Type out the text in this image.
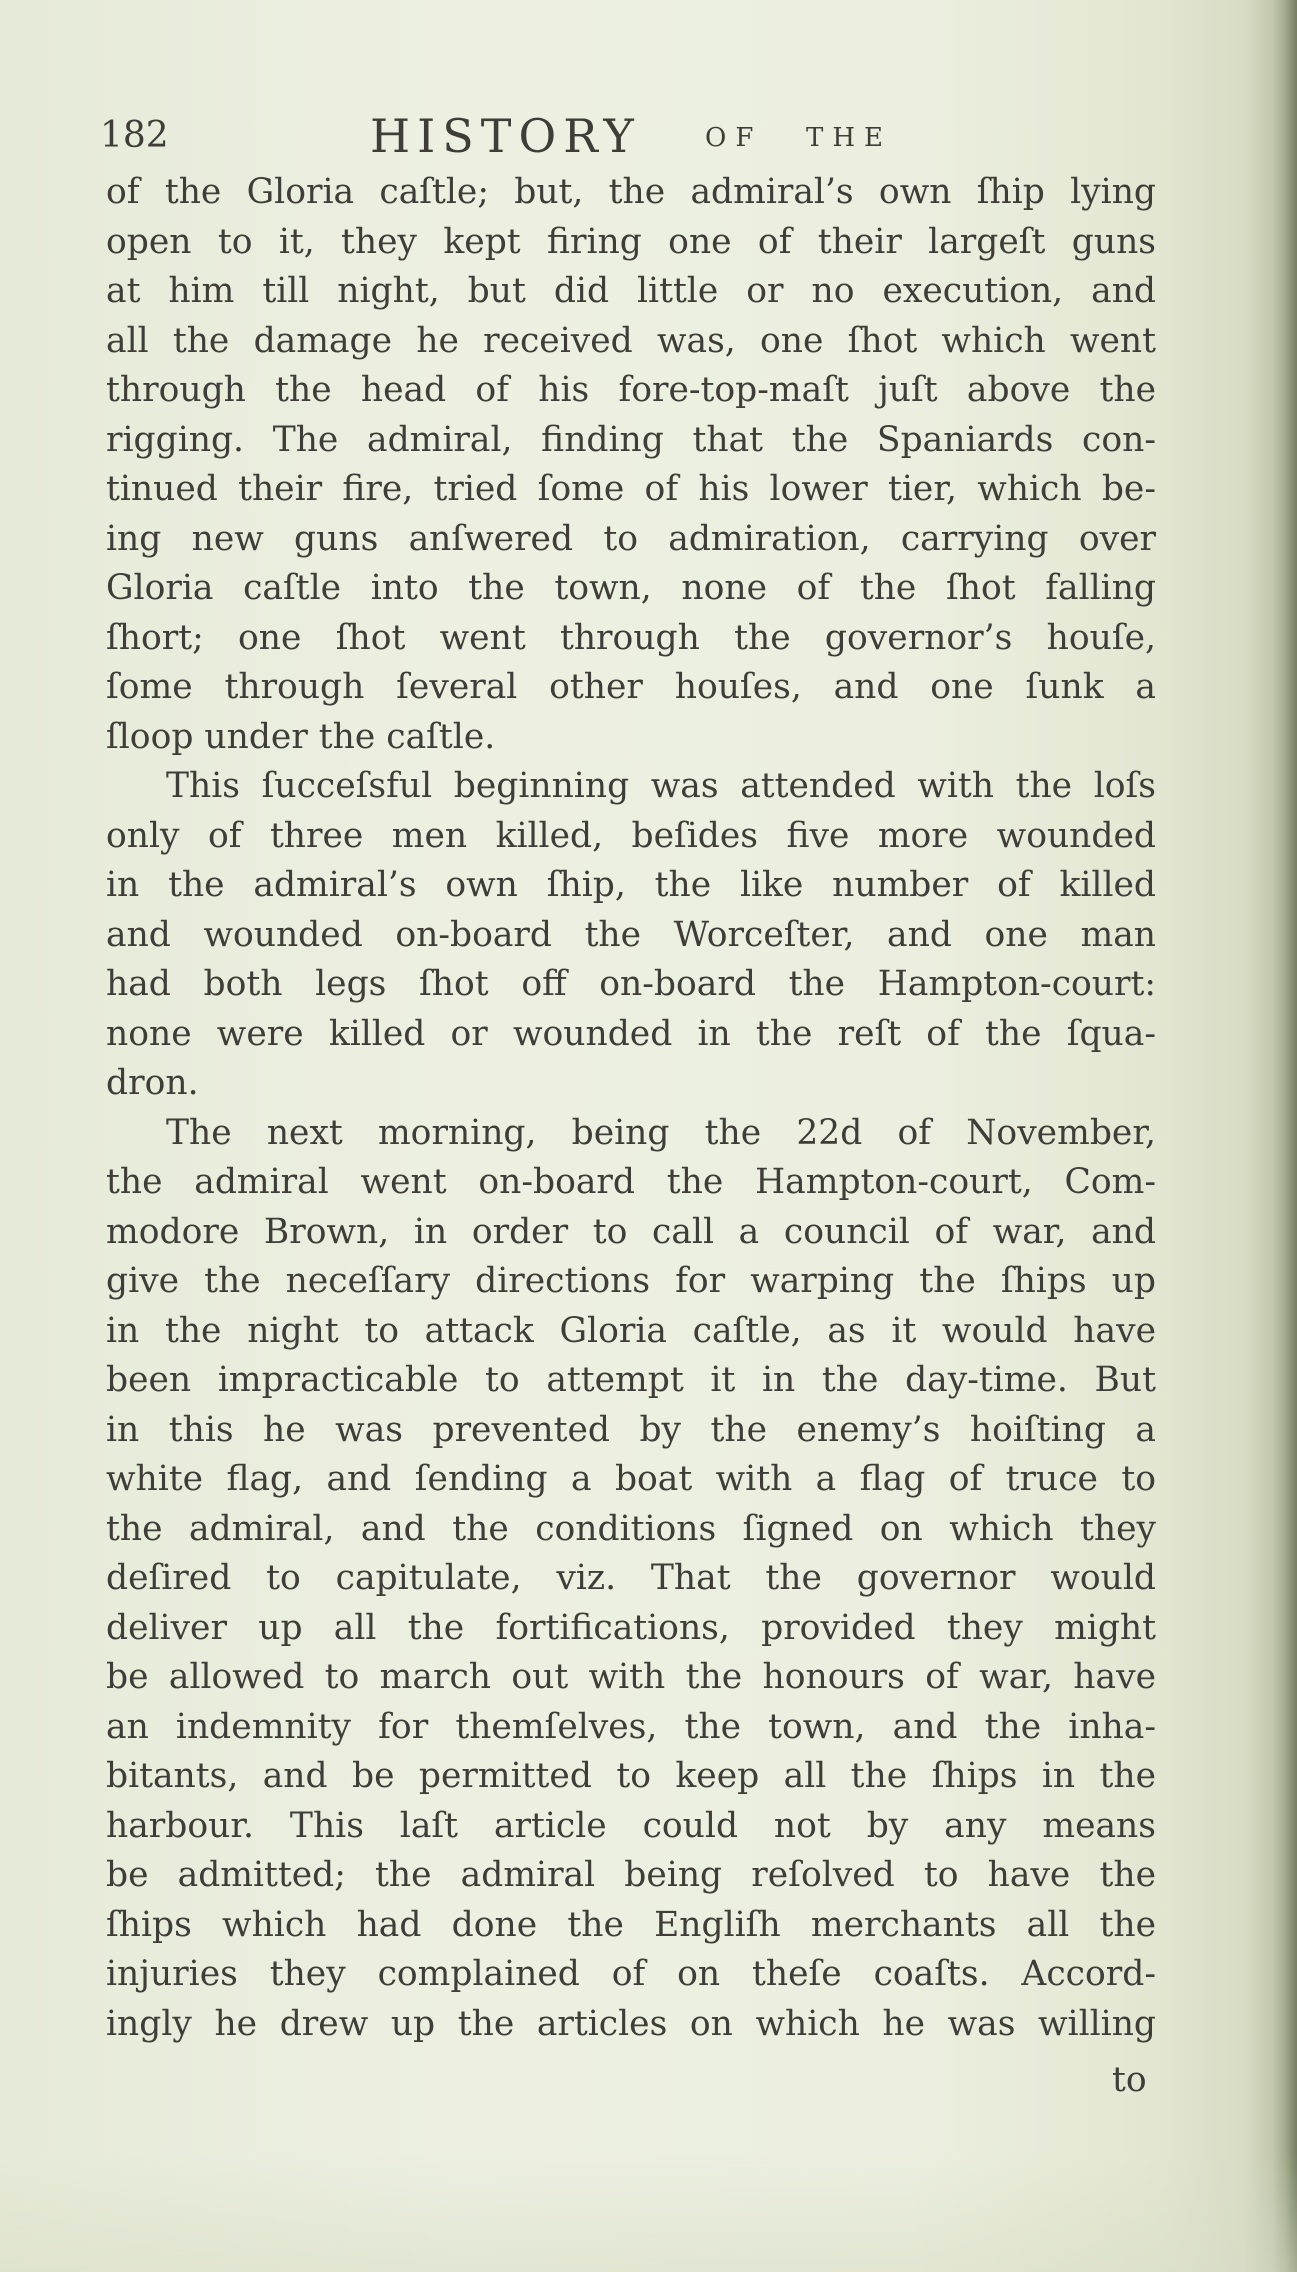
182	HISTORY OF THE
of the Gloria caſtle; but, the admiral’s own ſhip lying
open to it, they kept firing one of their largeſt guns
at him till night, but did little or no execution, and
all the damage he received was, one ſhot which went
through the head of his fore-top-maſt juſt above the
rigging. The admiral, finding that the Spaniards con-
tinued their fire, tried ſome of his lower tier, which be-
ing new guns anſwered to admiration, carrying over
Gloria caſtle into the town, none of the ſhot falling
ſhort; one ſhot went through the governor’s houſe,
ſome through ſeveral other houſes, and one ſunk a
ſloop under the caſtle.
This ſucceſsful beginning was attended with the loſs
only of three men killed, beſides five more wounded
in the admiral’s own ſhip, the like number of killed
and wounded on-board the Worceſter, and one man
had both legs ſhot off on-board the Hampton-court:
none were killed or wounded in the reſt of the ſqua-
dron.
The next morning, being the 22d of November,
the admiral went on-board the Hampton-court, Com-
modore Brown, in order to call a council of war, and
give the neceſſary directions for warping the ſhips up
in the night to attack Gloria caſtle, as it would have
been impracticable to attempt it in the day-time. But
in this he was prevented by the enemy’s hoiſting a
white flag, and ſending a boat with a flag of truce to
the admiral, and the conditions ſigned on which they
deſired to capitulate, viz. That the governor would
deliver up all the fortifications, provided they might
be allowed to march out with the honours of war, have
an indemnity for themſelves, the town, and the inha-
bitants, and be permitted to keep all the ſhips in the
harbour. This laſt article could not by any means
be admitted; the admiral being reſolved to have the
ſhips which had done the Engliſh merchants all the
injuries they complained of on theſe coaſts. Accord-
ingly he drew up the articles on which he was willing
to
